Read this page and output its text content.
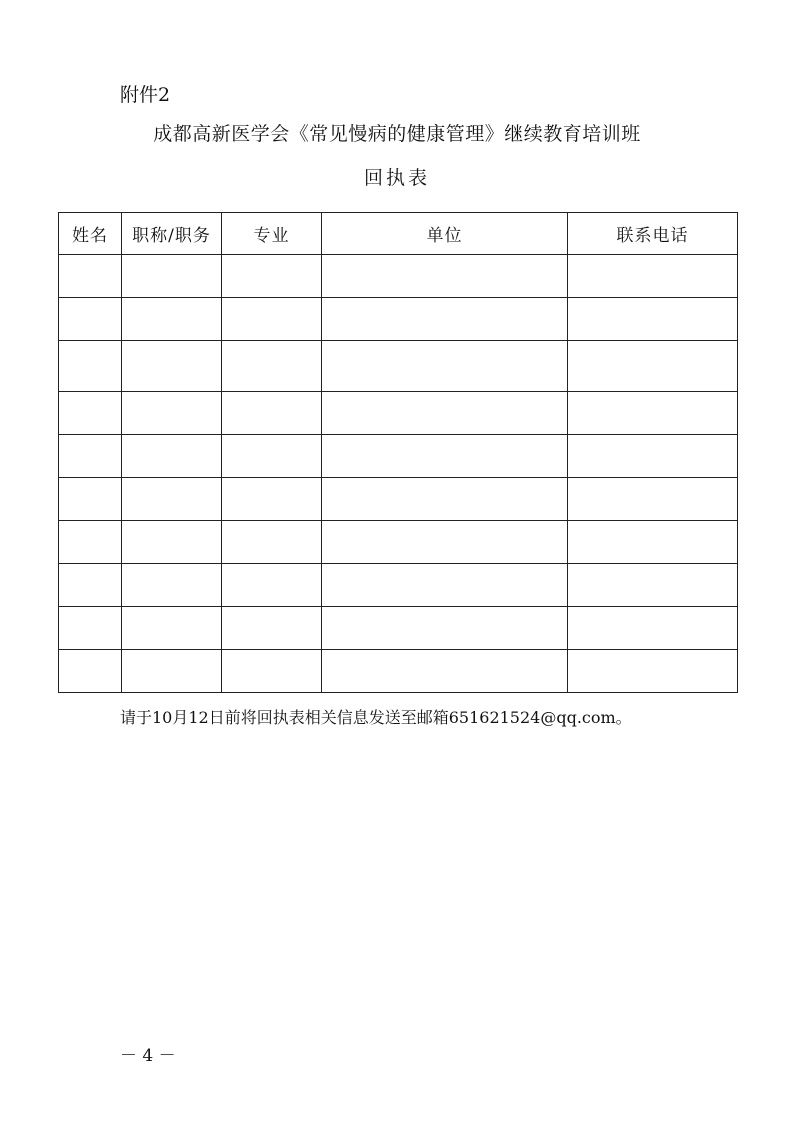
附件2
成都高新医学会《常见慢病的健康管理》继续教育培训班
回执表
姓名	职称/职务	专业	单位	联系电话

请于10月12日前将回执表相关信息发送至邮箱651621524@qq.com。
－ 4 －
